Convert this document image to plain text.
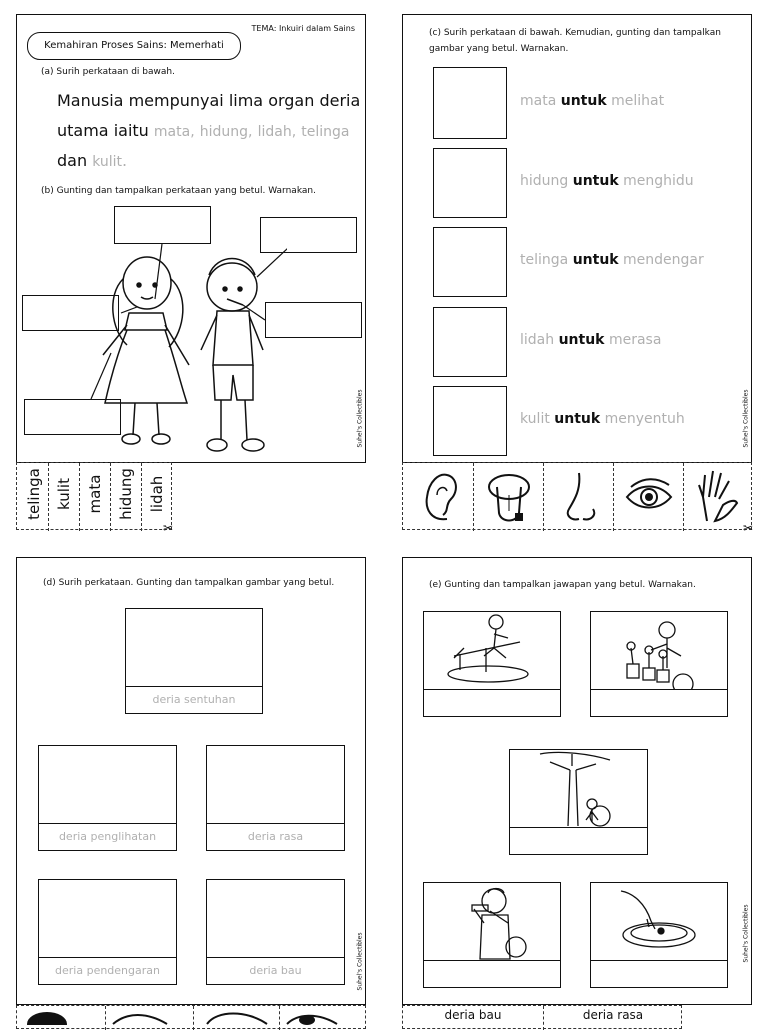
TEMA: Inkuiri dalam Sains
Kemahiran Proses Sains: Memerhati
(a) Surih perkataan di bawah.
Manusia mempunyai lima organ deria
utama iaitu mata, hidung, lidah, telinga
dan kulit.
(b) Gunting dan tampalkan perkataan yang betul. Warnakan.
Suhel's Collectibles
telinga kulit mata hidung lidah
✂
(c) Surih perkataan di bawah. Kemudian, gunting dan tampalkan gambar yang betul. Warnakan.
mata untuk melihat
hidung untuk menghidu
telinga untuk mendengar
lidah untuk merasa
kulit untuk menyentuh	Suhel's Collectibles
✂
(d) Surih perkataan. Gunting dan tampalkan gambar yang betul.
deria sentuhan
deria penglihatan	deria rasa
deria pendengaran	deria bau	Suhel's Collectibles
(e) Gunting dan tampalkan jawapan yang betul. Warnakan.
Suhel's Collectibles
deria bau	deria rasa
